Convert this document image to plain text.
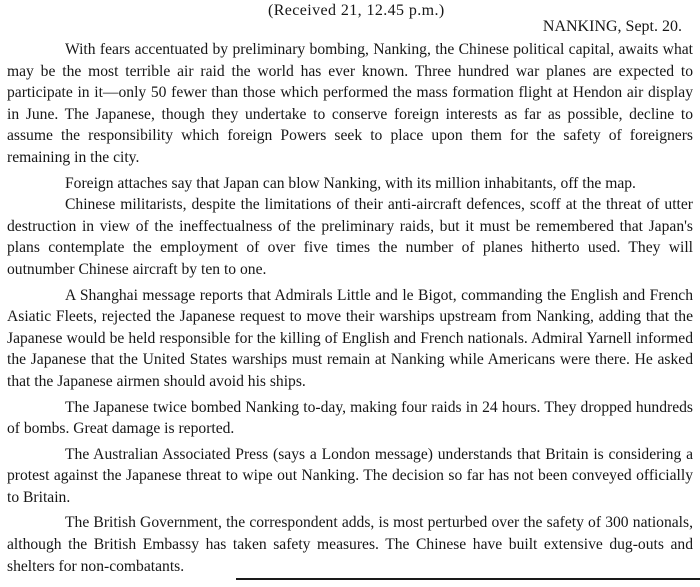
(Received 21, 12.45 p.m.)
NANKING, Sept. 20.

With fears accentuated by preliminary bombing, Nanking, the Chinese political capital, awaits what may be the most terrible air raid the world has ever known. Three hundred war planes are expected to participate in it—only 50 fewer than those which performed the mass formation flight at Hendon air display in June. The Japanese, though they undertake to conserve foreign interests as far as possible, decline to assume the responsibility which foreign Powers seek to place upon them for the safety of foreigners remaining in the city.

Foreign attaches say that Japan can blow Nanking, with its million inhabitants, off the map.

Chinese militarists, despite the limitations of their anti-aircraft defences, scoff at the threat of utter destruction in view of the ineffectualness of the preliminary raids, but it must be remembered that Japan's plans contemplate the employment of over five times the number of planes hitherto used. They will outnumber Chinese aircraft by ten to one.

A Shanghai message reports that Admirals Little and le Bigot, commanding the English and French Asiatic Fleets, rejected the Japanese request to move their warships upstream from Nanking, adding that the Japanese would be held responsible for the killing of English and French nationals. Admiral Yarnell informed the Japanese that the United States warships must remain at Nanking while Americans were there. He asked that the Japanese airmen should avoid his ships.

The Japanese twice bombed Nanking to-day, making four raids in 24 hours. They dropped hundreds of bombs. Great damage is reported.

The Australian Associated Press (says a London message) understands that Britain is considering a protest against the Japanese threat to wipe out Nanking. The decision so far has not been conveyed officially to Britain.

The British Government, the correspondent adds, is most perturbed over the safety of 300 nationals, although the British Embassy has taken safety measures. The Chinese have built extensive dug-outs and shelters for non-combatants.
